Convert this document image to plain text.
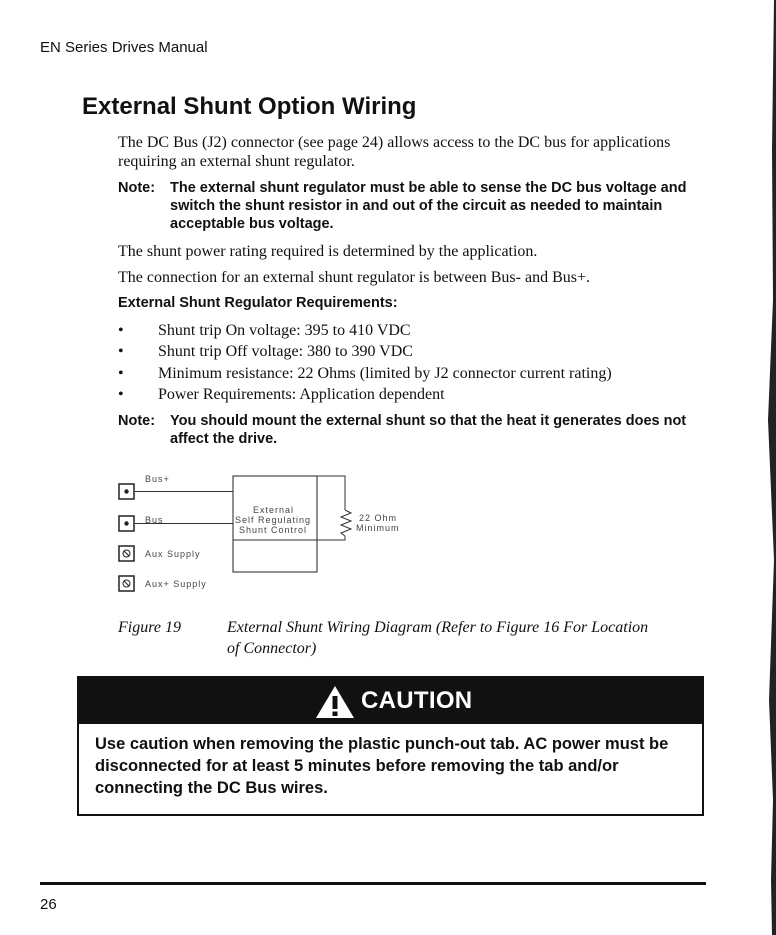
EN Series Drives Manual
External Shunt Option Wiring
The DC Bus (J2) connector (see page 24) allows access to the DC bus for applications requiring an external shunt regulator.
Note: The external shunt regulator must be able to sense the DC bus voltage and switch the shunt resistor in and out of the circuit as needed to maintain acceptable bus voltage.
The shunt power rating required is determined by the application.
The connection for an external shunt regulator is between Bus- and Bus+.
External Shunt Regulator Requirements:
• Shunt trip On voltage: 395 to 410 VDC
• Shunt trip Off voltage: 380 to 390 VDC
• Minimum resistance: 22 Ohms (limited by J2 connector current rating)
• Power Requirements: Application dependent
Note: You should mount the external shunt so that the heat it generates does not affect the drive.
Bus+
Bus
Aux Supply
Aux+ Supply
External
Self Regulating
Shunt Control
22 Ohm
Minimum
Figure 19	External Shunt Wiring Diagram (Refer to Figure 16 For Location of Connector)
CAUTION
Use caution when removing the plastic punch-out tab. AC power must be disconnected for at least 5 minutes before removing the tab and/or connecting the DC Bus wires.
26
